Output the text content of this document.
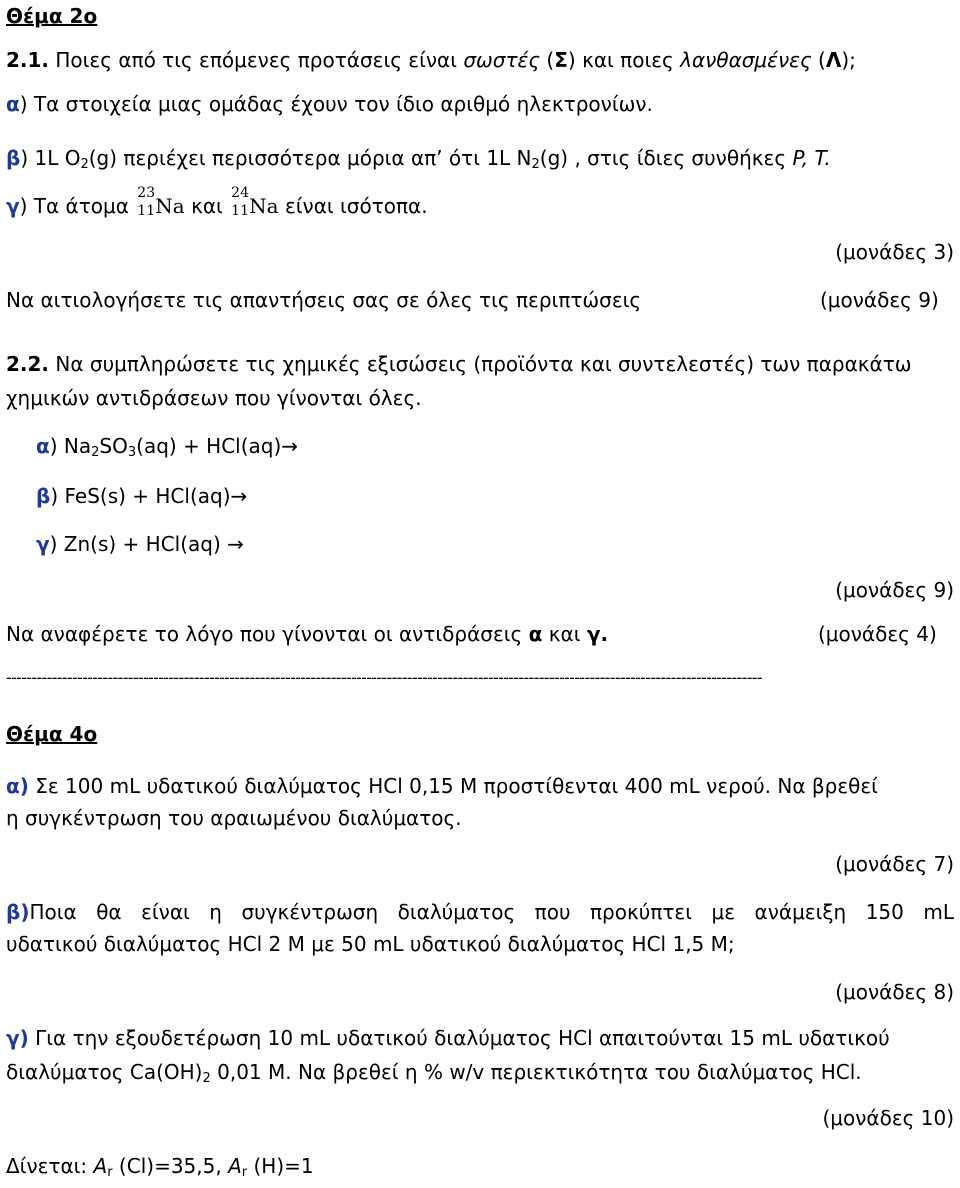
Θέμα 2ο
2.1. Ποιες από τις επόμενες προτάσεις είναι σωστές (Σ) και ποιες λανθασμένες (Λ);
α) Τα στοιχεία μιας ομάδας έχουν τον ίδιο αριθμό ηλεκτρονίων.
β) 1L $O_2(g)$ περιέχει περισσότερα μόρια απ’ ότι 1L $N_2(g)$ , στις ίδιες συνθήκες P, T.
γ) Τα άτομα
23
11 Na και
24
11 Na είναι ισότοπα.
(μονάδες 3)
Να αιτιολογήσετε τις απαντήσεις σας σε όλες τις περιπτώσεις	(μονάδες 9)
2.2. Να συμπληρώσετε τις χημικές εξισώσεις (προϊόντα και συντελεστές) των παρακάτω
χημικών αντιδράσεων που γίνονται όλες.
α) $Na_2SO_3(aq) + HCl(aq)\to$
β) FeS(s) + HCl(aq)→
γ) Zn(s) + HCl(aq) →
(μονάδες 9)
Να αναφέρετε το λόγο που γίνονται οι αντιδράσεις α και γ.	(μονάδες 4)
-----------------------------------------------------------------------------------------------------------------------------------------------------
Θέμα 4ο
α) Σε 100 mL υδατικού διαλύματος HCl 0,15 M προστίθενται 400 mL νερού. Να βρεθεί
η συγκέντρωση του αραιωμένου διαλύματος.
(μονάδες 7)
β) Ποια θα είναι η συγκέντρωση διαλύματος που προκύπτει με ανάμειξη 150 mL
υδατικού διαλύματος HCl 2 M με 50 mL υδατικού διαλύματος HCl 1,5 M;
(μονάδες 8)
γ) Για την εξουδετέρωση 10 mL υδατικού διαλύματος HCl απαιτούνται 15 mL υδατικού
διαλύματος $Ca(OH)_2$ 0,01 M. Να βρεθεί η % w/v περιεκτικότητα του διαλύματος HCl.
(μονάδες 10)
Δίνεται: $A_r$ (Cl)=35,5, $A_r$ (H)=1
